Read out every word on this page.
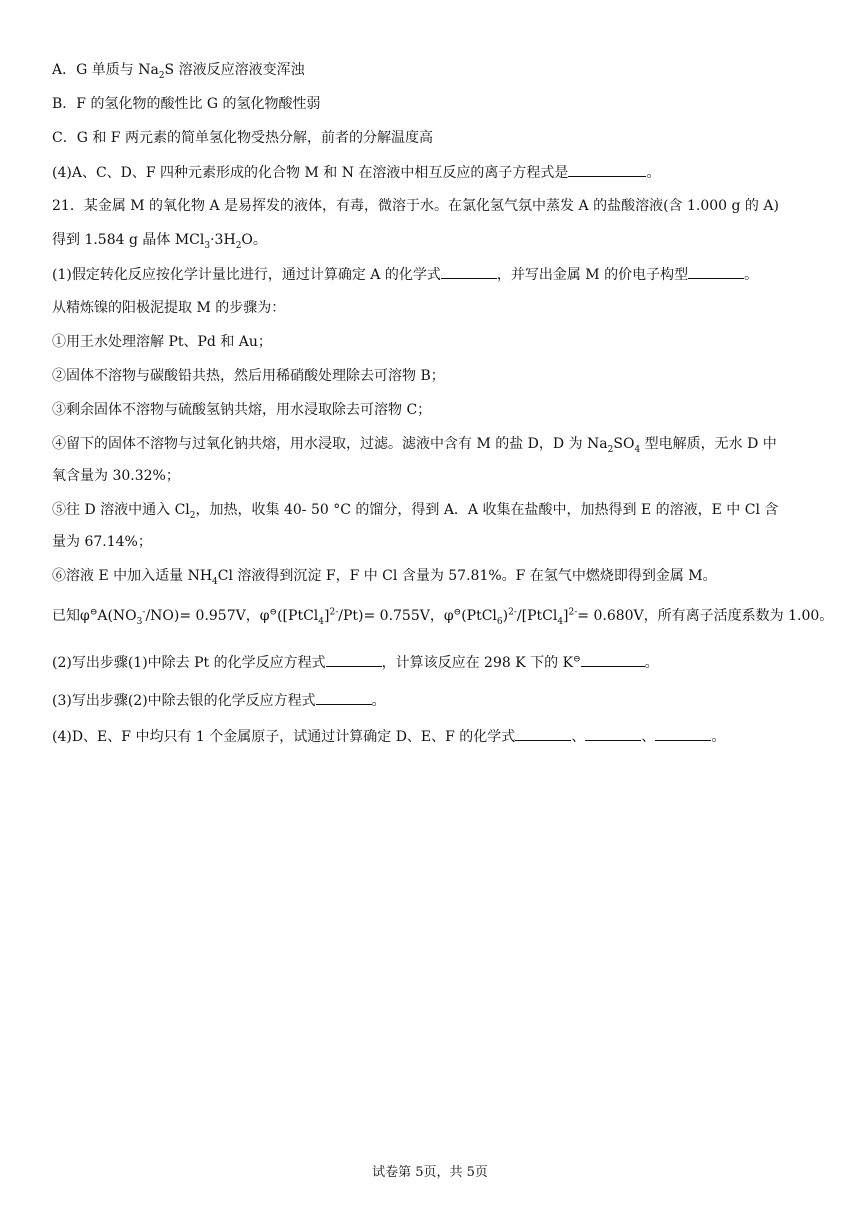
A．G 单质与 $Na_2S$ 溶液反应溶液变浑浊
B．F 的氢化物的酸性比 G 的氢化物酸性弱
C．G 和 F 两元素的简单氢化物受热分解，前者的分解温度高
(4)A、C、D、F 四种元素形成的化合物 M 和 N 在溶液中相互反应的离子方程式是	。
21．某金属 M 的氧化物 A 是易挥发的液体，有毒，微溶于水。在氯化氢气氛中蒸发 A 的盐酸溶液(含 1.000 g 的 A)
得到 1.584 g 晶体 $MCl_3\cdot 3H_2O$。
(1)假定转化反应按化学计量比进行，通过计算确定 A 的化学式	，并写出金属 M 的价电子构型	。
从精炼镍的阳极泥提取 M 的步骤为：
①用王水处理溶解 Pt、Pd 和 Au；
②固体不溶物与碳酸铅共热，然后用稀硝酸处理除去可溶物 B；
③剩余固体不溶物与硫酸氢钠共熔，用水浸取除去可溶物 C；
④留下的固体不溶物与过氧化钠共熔，用水浸取，过滤。滤液中含有 M 的盐 D，D 为 $Na_2SO_4$ 型电解质，无水 D 中
氧含量为 30.32%；
⑤往 D 溶液中通入 $Cl_2$，加热，收集 40- 50 °C 的馏分，得到 A．A 收集在盐酸中，加热得到 E 的溶液，E 中 Cl 含
量为 67.14%；
⑥溶液 E 中加入适量 $NH_4Cl$ 溶液得到沉淀 F，F 中 Cl 含量为 57.81%。F 在氢气中燃烧即得到金属 M。
已知$\varphi^⊖A(NO_3^-/NO)= 0.957V$，φ⊖([PtCl$_4$]$^{2-}$/Pt)= 0.755V，φ⊖(PtCl$_6$)$^{2-}$/[PtCl$_4$]$^{2-}$= 0.680V，所有离子活度系数为 1.00。
(2)写出步骤(1)中除去 Pt 的化学反应方程式	，计算该反应在 298 K 下的 K⊖	。
(3)写出步骤(2)中除去银的化学反应方程式	。
(4)D、E、F 中均只有 1 个金属原子，试通过计算确定 D、E、F 的化学式	、	、	。
试卷第 5页，共 5页
